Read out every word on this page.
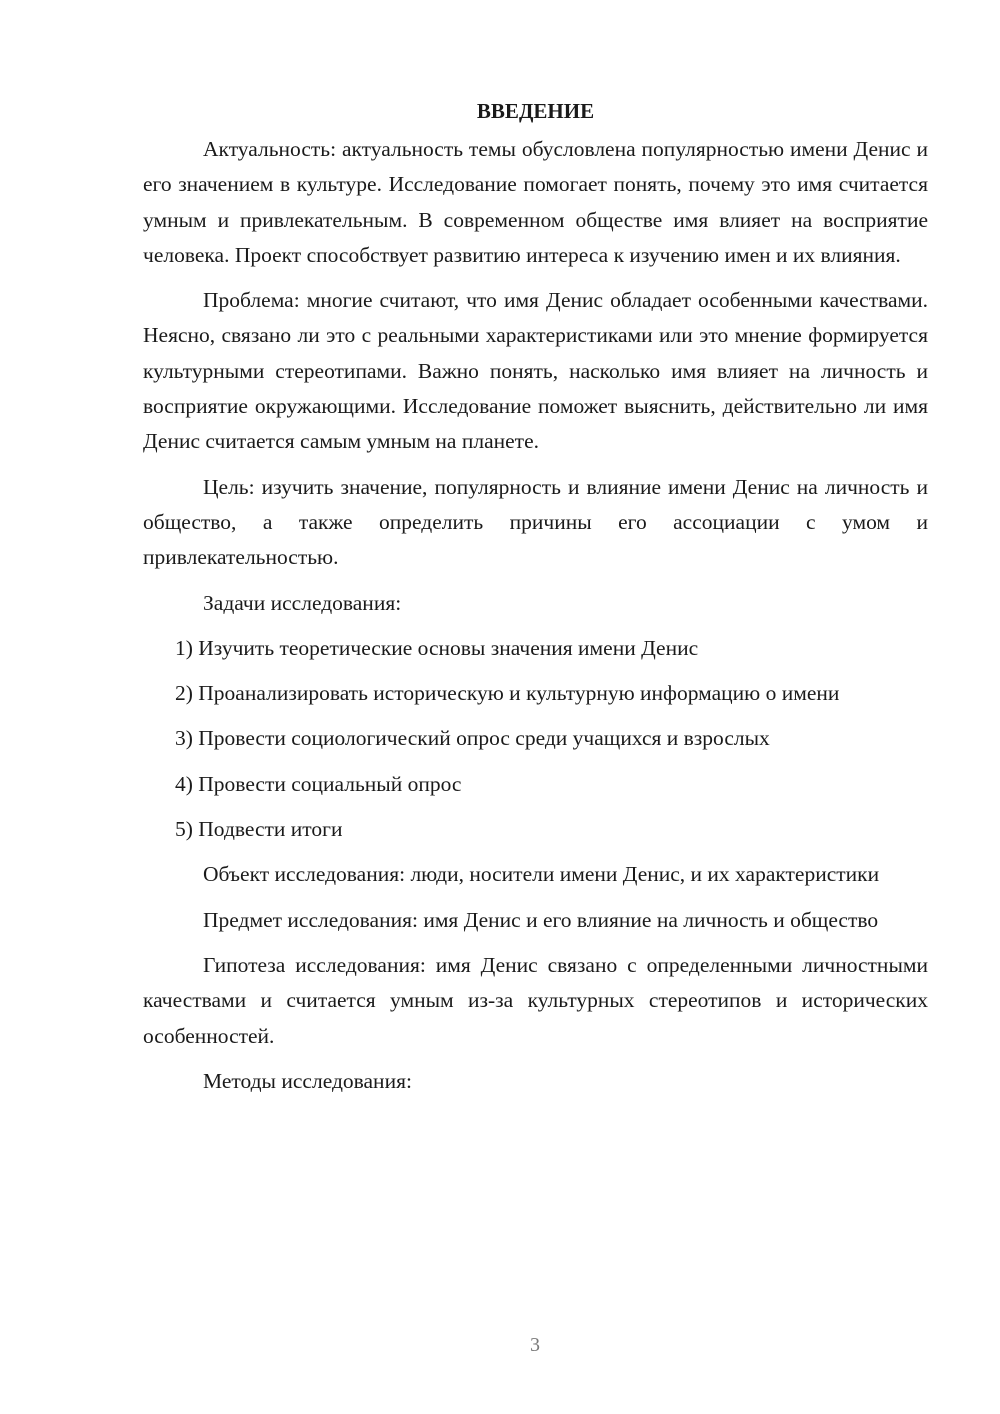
ВВЕДЕНИЕ

Актуальность: актуальность темы обусловлена популярностью имени Денис и его значением в культуре. Исследование помогает понять, почему это имя считается умным и привлекательным. В современном обществе имя влияет на восприятие человека. Проект способствует развитию интереса к изучению имен и их влияния.

Проблема: многие считают, что имя Денис обладает особенными качествами. Неясно, связано ли это с реальными характеристиками или это мнение формируется культурными стереотипами. Важно понять, насколько имя влияет на личность и восприятие окружающими. Исследование поможет выяснить, действительно ли имя Денис считается самым умным на планете.

Цель: изучить значение, популярность и влияние имени Денис на личность и общество, а также определить причины его ассоциации с умом и привлекательностью.

Задачи исследования:

1) Изучить теоретические основы значения имени Денис

2) Проанализировать историческую и культурную информацию о имени

3) Провести социологический опрос среди учащихся и взрослых

4) Провести социальный опрос

5) Подвести итоги

Объект исследования: люди, носители имени Денис, и их характеристики

Предмет исследования: имя Денис и его влияние на личность и общество

Гипотеза исследования: имя Денис связано с определенными личностными качествами и считается умным из-за культурных стереотипов и исторических особенностей.

Методы исследования:

3
